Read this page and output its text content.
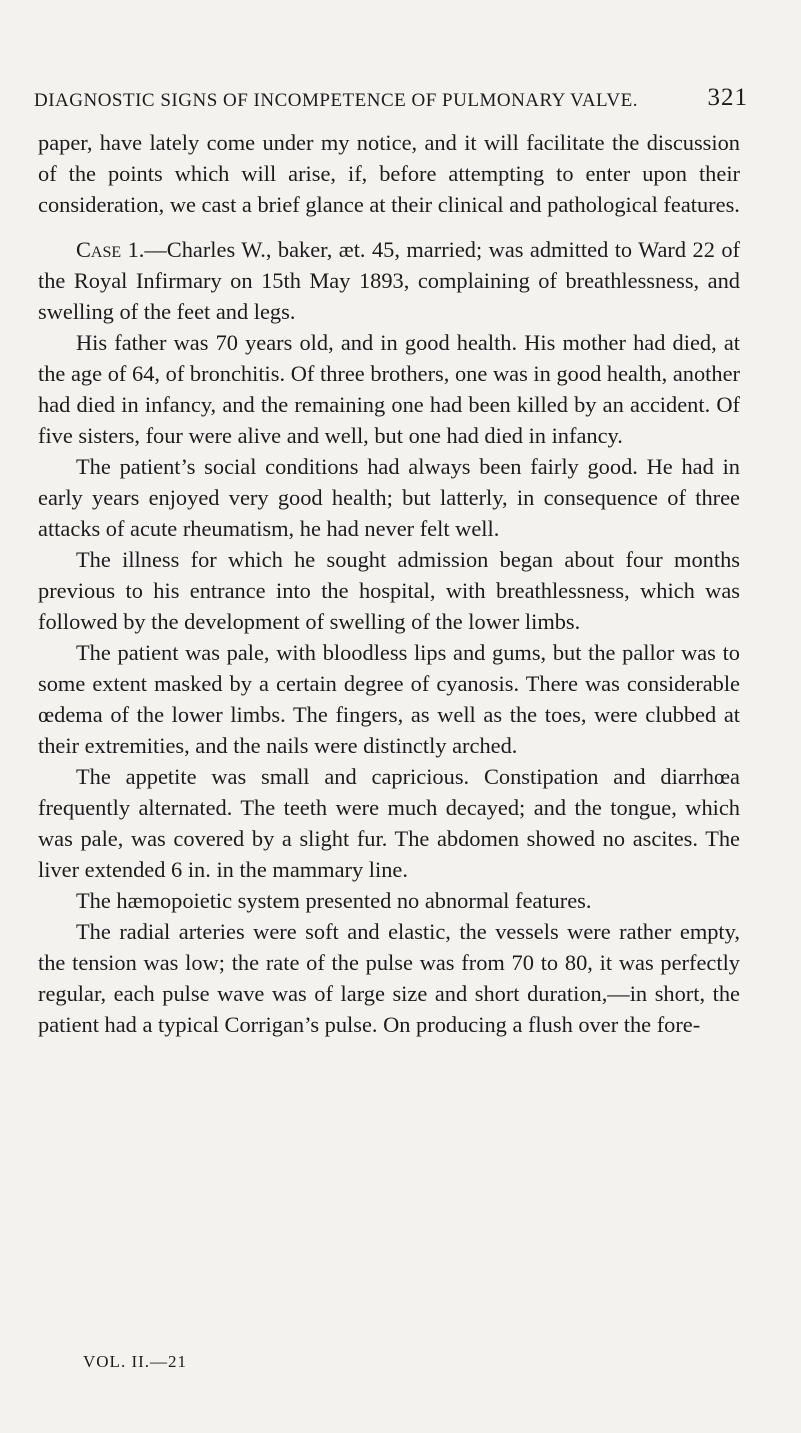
DIAGNOSTIC SIGNS OF INCOMPETENCE OF PULMONARY VALVE.	321

paper, have lately come under my notice, and it will facilitate the discussion of the points which will arise, if, before attempting to enter upon their consideration, we cast a brief glance at their clinical and pathological features.

Case 1.—Charles W., baker, æt. 45, married; was admitted to Ward 22 of the Royal Infirmary on 15th May 1893, complaining of breathlessness, and swelling of the feet and legs.

His father was 70 years old, and in good health. His mother had died, at the age of 64, of bronchitis. Of three brothers, one was in good health, another had died in infancy, and the remaining one had been killed by an accident. Of five sisters, four were alive and well, but one had died in infancy.

The patient’s social conditions had always been fairly good. He had in early years enjoyed very good health; but latterly, in consequence of three attacks of acute rheumatism, he had never felt well.

The illness for which he sought admission began about four months previous to his entrance into the hospital, with breathlessness, which was followed by the development of swelling of the lower limbs.

The patient was pale, with bloodless lips and gums, but the pallor was to some extent masked by a certain degree of cyanosis. There was considerable œdema of the lower limbs. The fingers, as well as the toes, were clubbed at their extremities, and the nails were distinctly arched.

The appetite was small and capricious. Constipation and diarrhœa frequently alternated. The teeth were much decayed; and the tongue, which was pale, was covered by a slight fur. The abdomen showed no ascites. The liver extended 6 in. in the mammary line.

The hæmopoietic system presented no abnormal features.

The radial arteries were soft and elastic, the vessels were rather empty, the tension was low; the rate of the pulse was from 70 to 80, it was perfectly regular, each pulse wave was of large size and short duration,—in short, the patient had a typical Corrigan’s pulse. On producing a flush over the fore-

VOL. II.—21
